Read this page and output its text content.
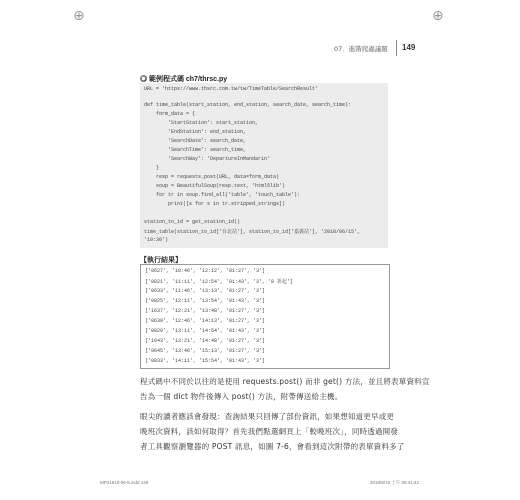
⊕	⊕
07．進階爬蟲議題 149
◎ 範例程式碼 ch7/thrsc.py
URL = 'https://www.thsrc.com.tw/tw/TimeTable/SearchResult'
def time_table(start_station, end_station, search_date, search_time):
form_data = {
'StartStation': start_station,
'EndStation': end_station,
'SearchDate': search_date,
'SearchTime': search_time,
'SearchWay': 'DepartureInMandarin'
}
resp = requests.post(URL, data=form_data)
soup = BeautifulSoup(resp.text, 'html5lib')
for tr in soup.find_all('table', 'touch_table'):
print([s for s in tr.stripped_strings])
station_to_id = get_station_id()
time_table(station_to_id['台北站'], station_to_id['嘉義站'], '2018/06/15',
'10:30')
【執行結果】
['0627', '10:46', '12:12', '01:27', '3']
['0821', '11:11', '12:54', '01:43', '3', '8 折起']
['0633', '11:46', '13:13', '01:27', '3']
['0825', '12:11', '13:54', '01:43', '3']
['1637', '12:21', '13:48', '01:27', '3']
['0639', '12:46', '14:13', '01:27', '3']
['0829', '13:11', '14:54', '01:43', '3']
['1643', '13:21', '14:48', '01:27', '3']
['0645', '13:46', '15:13', '01:27', '3']
['0833', '14:11', '15:54', '01:43', '3']
程式碼中不同於以往的是使用 requests.post() 而非 get() 方法，並且將表單資料宣
告為一個 dict 物件後傳入 post() 方法，附帶傳送給主機。
眼尖的讀者應該會發現：查詢結果只回傳了部份資訊，如果想知道更早或更
晚班次資料，該如何取得？首先我們點選網頁上「較晚班次」，同時透過開發
者工具觀察瀏覽器的 POST 訊息，如圖 7-6，會看到這次附帶的表單資料多了
MP21816-06-8.indd 149	2018/9/19 上午 09:41:42
